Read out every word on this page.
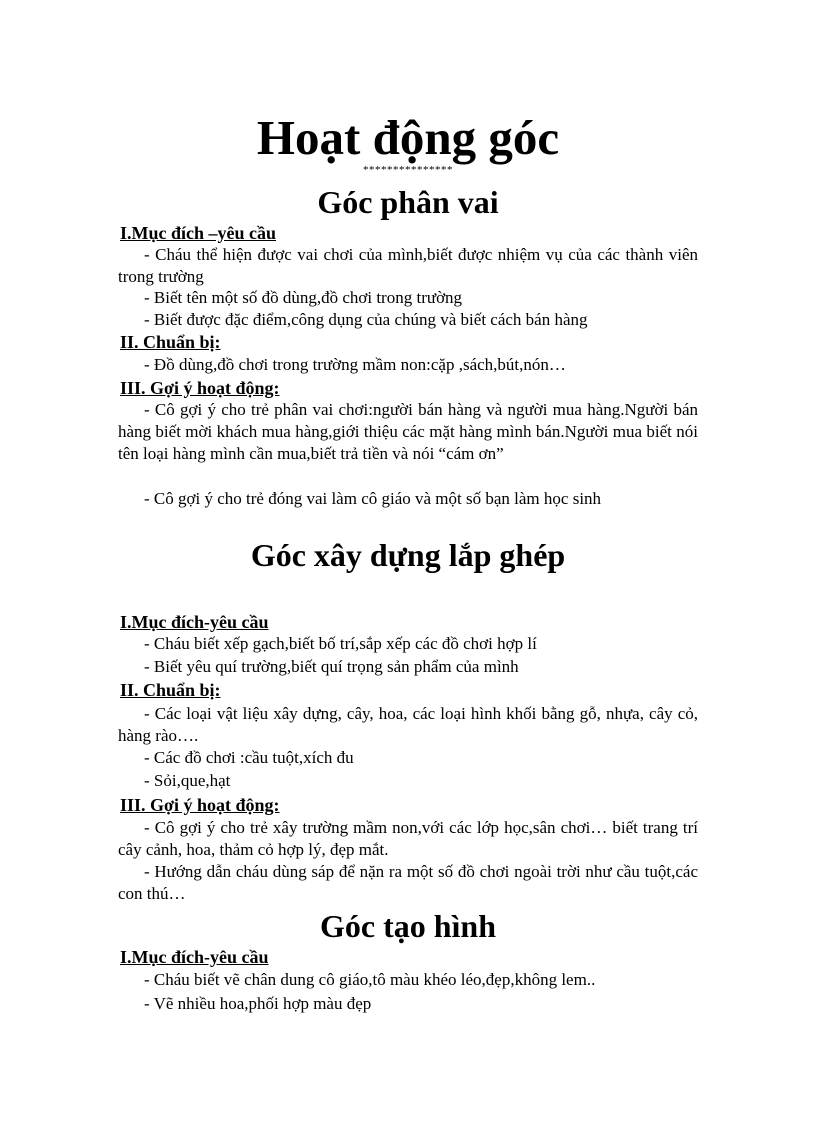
Hoạt động góc
***************
Góc phân vai
I.Mục đích –yêu cầu

- Cháu thể hiện được vai chơi của mình,biết được nhiệm vụ của các thành viên trong trường

- Biết tên một số đồ dùng,đồ chơi trong trường

- Biết được đặc điểm,công dụng của chúng và biết cách bán hàng

II. Chuẩn bị:

- Đồ dùng,đồ chơi trong trường mầm non:cặp ,sách,bút,nón…

III. Gợi ý hoạt động:

- Cô gợi ý cho trẻ phân vai chơi:người bán hàng và người mua hàng.Người bán hàng biết mời khách mua hàng,giới thiệu các mặt hàng mình bán.Người mua biết nói tên loại hàng mình cần mua,biết trả tiền và nói “cám ơn”

- Cô gợi ý cho trẻ đóng vai làm cô giáo và một số bạn làm học sinh

Góc xây dựng lắp ghép
I.Mục đích-yêu cầu

- Cháu biết xếp gạch,biết bố trí,sắp xếp các đồ chơi hợp lí

- Biết yêu quí trường,biết quí trọng sản phẩm của mình

II. Chuẩn bị:

- Các loại vật liệu xây dựng, cây, hoa, các loại hình khối bằng gỗ, nhựa, cây cỏ, hàng rào….

- Các đồ chơi :cầu tuột,xích đu

- Sỏi,que,hạt

III. Gợi ý hoạt động:

- Cô gợi ý cho trẻ xây trường mầm non,với các lớp học,sân chơi… biết trang trí cây cảnh, hoa, thảm cỏ hợp lý, đẹp mắt.

- Hướng dẫn cháu dùng sáp để nặn ra một số đồ chơi ngoài trời như cầu tuột,các con thú…

Góc tạo hình
I.Mục đích-yêu cầu

- Cháu biết vẽ chân dung cô giáo,tô màu khéo léo,đẹp,không lem..

- Vẽ nhiều hoa,phối hợp màu đẹp
